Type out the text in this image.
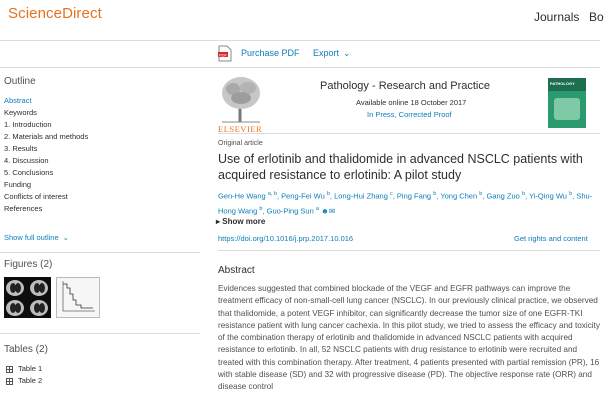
ScienceDirect	Journals Bo
PDF Purchase PDF Export ⌄
Outline
Abstract
Keywords
1. Introduction
2. Materials and methods
3. Results
4. Discussion
5. Conclusions
Funding
Conflicts of interest
References
Show full outline ⌄
Figures (2)
Tables (2)
Table 1
Table 2
ELSEVIER
Pathology - Research and Practice
Available online 18 October 2017
In Press, Corrected Proof
PATHOLOGY
Original article
Use of erlotinib and thalidomide in advanced NSCLC patients with acquired resistance to erlotinib: A pilot study
Gen-He Wang $^{a, b}$, Peng-Fei Wu $^b$, Long-Hui Zhang $^c$, Ping Fang $^b$, Yong Chen $^b$, Gang Zuo $^b$, Yi-Qing Wu $^b$, Shu-Hong Wang $^b$, Guo-Ping Sun $^a$ ☻✉
▸ Show more
https://doi.org/10.1016/j.prp.2017.10.016	Get rights and content
Abstract
Evidences suggested that combined blockade of the VEGF and EGFR pathways can improve the treatment efficacy of non-small-cell lung cancer (NSCLC). In our previously clinical practice, we observed that thalidomide, a potent VEGF inhibitor, can significantly decrease the tumor size of one EGFR-TKI resistance patient with lung cancer cachexia. In this pilot study, we tried to assess the efficacy and toxicity of the combination therapy of erlotinib and thalidomide in advanced NSCLC patients with acquired resistance to erlotinib. In all, 52 NSCLC patients with drug resistance to erlotinib were recruited and treated with this combination therapy. After treatment, 4 patients presented with partial remission (PR), 16 with stable disease (SD) and 32 with progressive disease (PD). The objective response rate (ORR) and disease control
